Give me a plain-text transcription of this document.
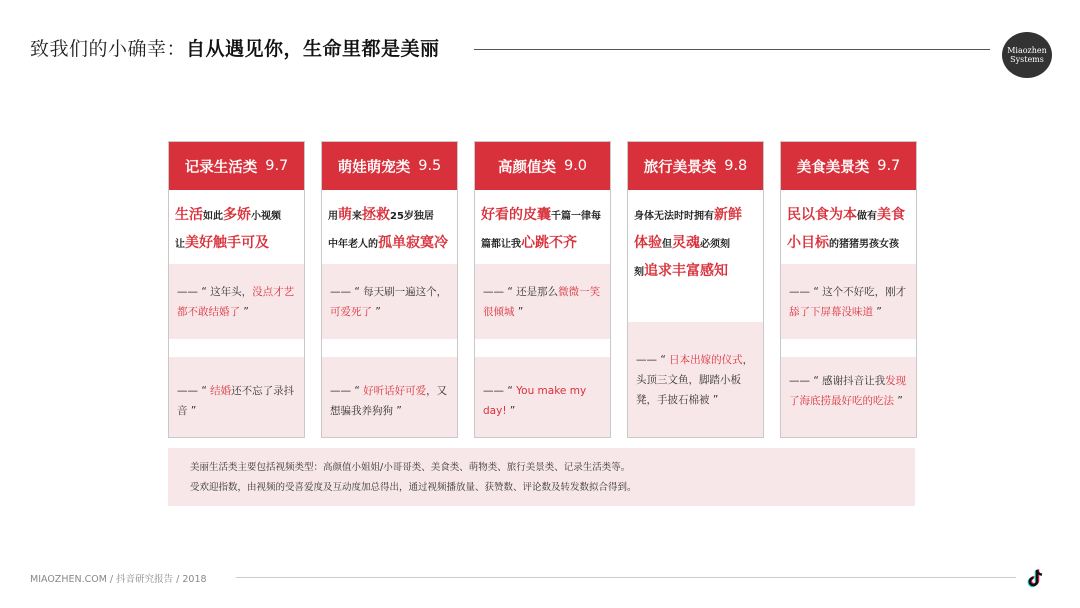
致我们的小确幸：自从遇见你，生命里都是美丽	Miaozhen
Systems
记录生活类 9.7
生活如此多娇小视频
让美好触手可及
—— “ 这年头，没点才艺都不敢结婚了 ”
—— “ 结婚还不忘了录抖音 ”
萌娃萌宠类 9.5
用萌来拯救25岁独居
中年老人的孤单寂寞冷
—— “ 每天刷一遍这个，可爱死了 ”
—— “ 好听话好可爱，又想骗我养狗狗 ”
高颜值类 9.0
好看的皮囊千篇一律每
篇都让我心跳不齐
—— “ 还是那么微微一笑很倾城 ”
—— “ You make my day! ”
旅行美景类 9.8
身体无法时时拥有新鲜
体验但灵魂必须刻
刻追求丰富感知
—— “ 日本出嫁的仪式，头顶三文鱼，脚踏小板凳，手披石棉被 ”
美食美景类 9.7
民以食为本做有美食
小目标的猪猪男孩女孩
—— “ 这个不好吃，刚才舔了下屏幕没味道 ”
—— “ 感谢抖音让我发现了海底捞最好吃的吃法 ”
美丽生活类主要包括视频类型：高颜值小姐姐/小哥哥类、美食类、萌物类、旅行美景类、记录生活类等。
受欢迎指数，由视频的受喜爱度及互动度加总得出，通过视频播放量、获赞数、评论数及转发数拟合得到。
MIAOZHEN.COM / 抖音研究报告 / 2018
